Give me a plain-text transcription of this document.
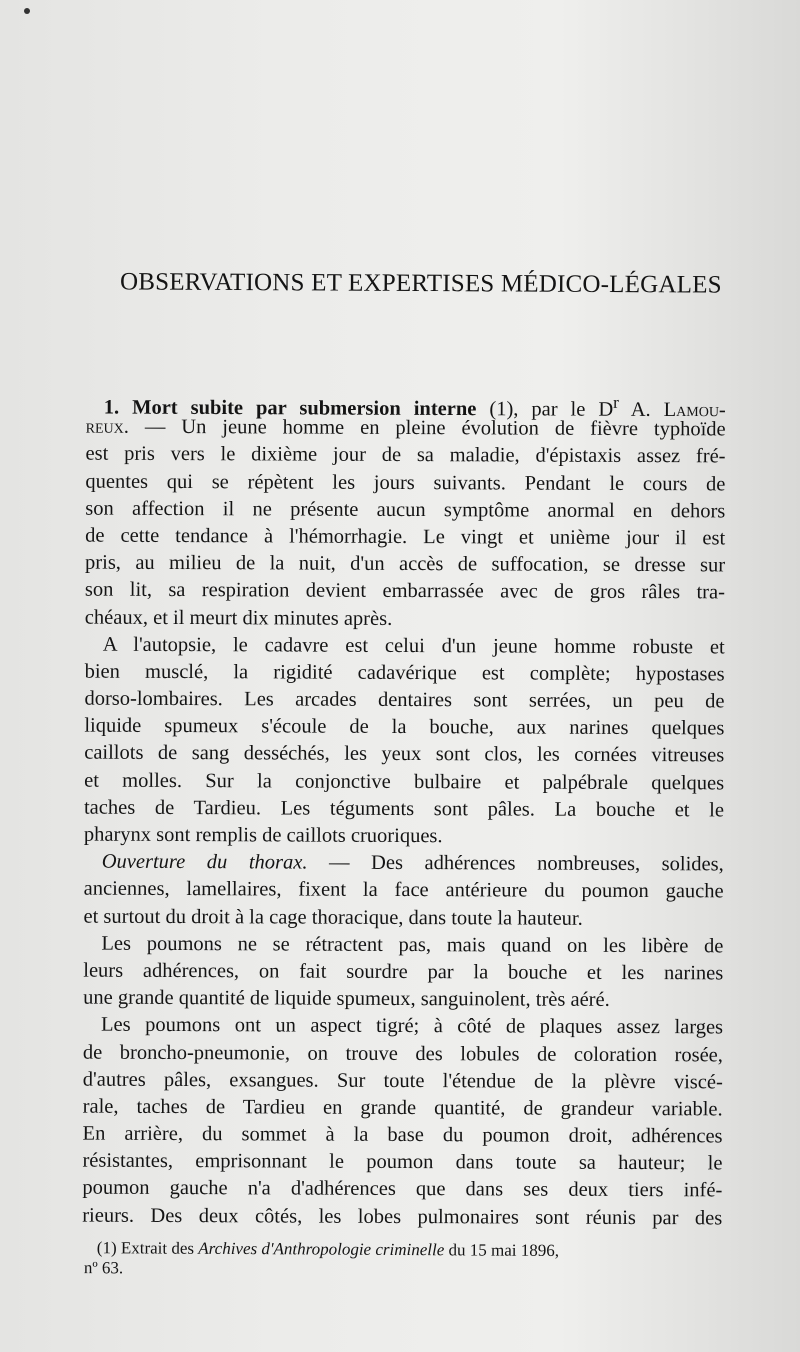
OBSERVATIONS ET EXPERTISES MÉDICO-LÉGALES
1. Mort subite par submersion interne (1), par le $D^r$ A. Lamou-
reux. — Un jeune homme en pleine évolution de fièvre typhoïde
est pris vers le dixième jour de sa maladie, d'épistaxis assez fré-
quentes qui se répètent les jours suivants. Pendant le cours de
son affection il ne présente aucun symptôme anormal en dehors
de cette tendance à l'hémorrhagie. Le vingt et unième jour il est
pris, au milieu de la nuit, d'un accès de suffocation, se dresse sur
son lit, sa respiration devient embarrassée avec de gros râles tra-
chéaux, et il meurt dix minutes après.
A l'autopsie, le cadavre est celui d'un jeune homme robuste et
bien musclé, la rigidité cadavérique est complète; hypostases
dorso-lombaires. Les arcades dentaires sont serrées, un peu de
liquide spumeux s'écoule de la bouche, aux narines quelques
caillots de sang desséchés, les yeux sont clos, les cornées vitreuses
et molles. Sur la conjonctive bulbaire et palpébrale quelques
taches de Tardieu. Les téguments sont pâles. La bouche et le
pharynx sont remplis de caillots cruoriques.
Ouverture du thorax. — Des adhérences nombreuses, solides,
anciennes, lamellaires, fixent la face antérieure du poumon gauche
et surtout du droit à la cage thoracique, dans toute la hauteur.
Les poumons ne se rétractent pas, mais quand on les libère de
leurs adhérences, on fait sourdre par la bouche et les narines
une grande quantité de liquide spumeux, sanguinolent, très aéré.
Les poumons ont un aspect tigré; à côté de plaques assez larges
de broncho-pneumonie, on trouve des lobules de coloration rosée,
d'autres pâles, exsangues. Sur toute l'étendue de la plèvre viscé-
rale, taches de Tardieu en grande quantité, de grandeur variable.
En arrière, du sommet à la base du poumon droit, adhérences
résistantes, emprisonnant le poumon dans toute sa hauteur; le
poumon gauche n'a d'adhérences que dans ses deux tiers infé-
rieurs. Des deux côtés, les lobes pulmonaires sont réunis par des
(1) Extrait des Archives d'Anthropologie criminelle du 15 mai 1896,
nº 63.
